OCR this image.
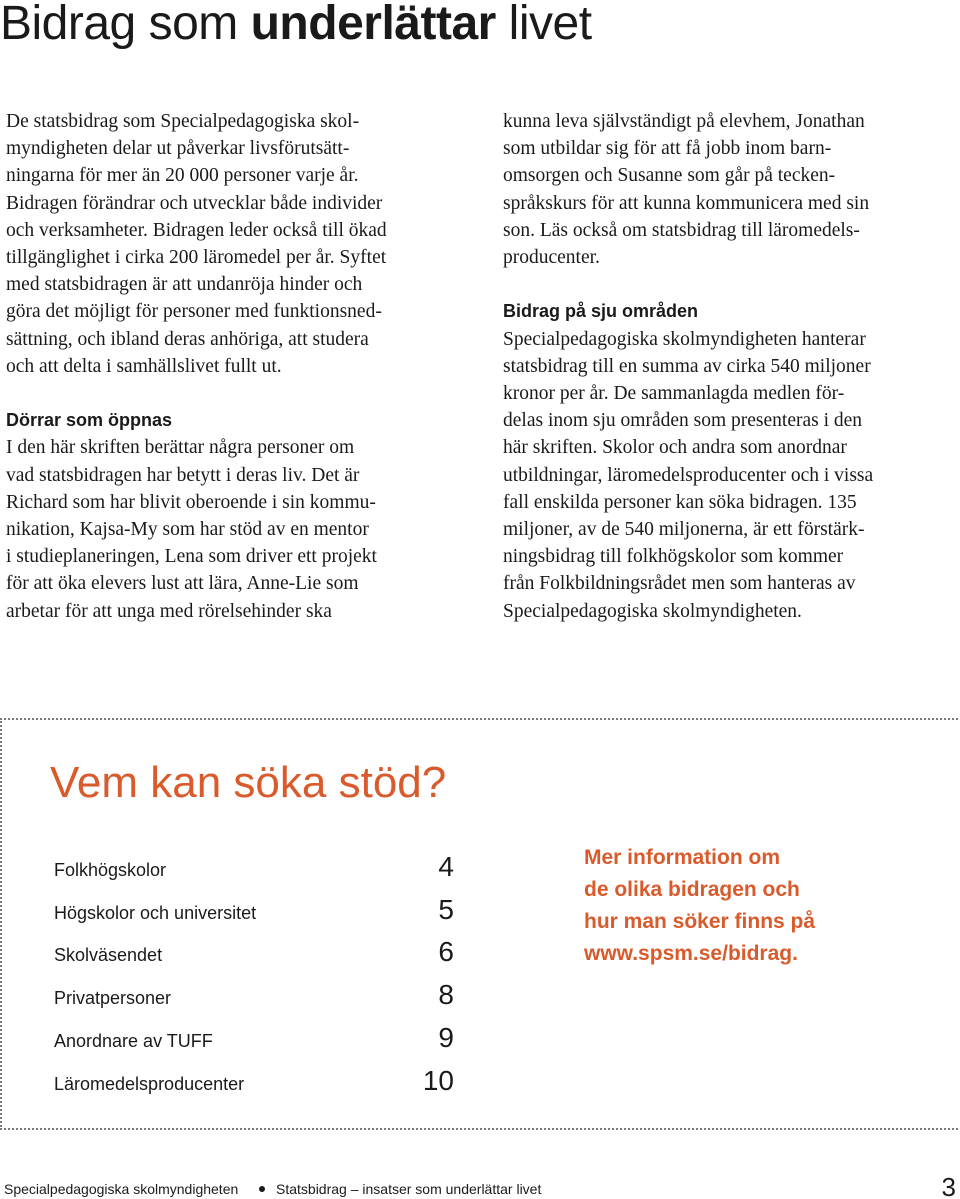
Bidrag som underlättar livet
De statsbidrag som Specialpedagogiska skol-
myndigheten delar ut påverkar livsförutsätt-
ningarna för mer än 20 000 personer varje år.
Bidragen förändrar och utvecklar både individer
och verksamheter. Bidragen leder också till ökad
tillgänglighet i cirka 200 läromedel per år. Syftet
med statsbidragen är att undanröja hinder och
göra det möjligt för personer med funktionsned-
sättning, och ibland deras anhöriga, att studera
och att delta i samhällslivet fullt ut.
Dörrar som öppnas
I den här skriften berättar några personer om
vad statsbidragen har betytt i deras liv. Det är
Richard som har blivit oberoende i sin kommu-
nikation, Kajsa-My som har stöd av en mentor
i studieplaneringen, Lena som driver ett projekt
för att öka elevers lust att lära, Anne-Lie som
arbetar för att unga med rörelsehinder ska
kunna leva självständigt på elevhem, Jonathan
som utbildar sig för att få jobb inom barn-
omsorgen och Susanne som går på tecken-
språkskurs för att kunna kommunicera med sin
son. Läs också om statsbidrag till läromedels-
producenter.
Bidrag på sju områden
Specialpedagogiska skolmyndigheten hanterar
statsbidrag till en summa av cirka 540 miljoner
kronor per år. De sammanlagda medlen för-
delas inom sju områden som presenteras i den
här skriften. Skolor och andra som anordnar
utbildningar, läromedelsproducenter och i vissa
fall enskilda personer kan söka bidragen. 135
miljoner, av de 540 miljonerna, är ett förstärk-
ningsbidrag till folkhögskolor som kommer
från Folkbildningsrådet men som hanteras av
Specialpedagogiska skolmyndigheten.
Vem kan söka stöd?
Folkhögskolor	4
Högskolor och universitet	5
Skolväsendet	6
Privatpersoner	8
Anordnare av TUFF	9
Läromedelsproducenter	10
Mer information om
de olika bidragen och
hur man söker finns på
www.spsm.se/bidrag.
Specialpedagogiska skolmyndigheten	Statsbidrag – insatser som underlättar livet	3
